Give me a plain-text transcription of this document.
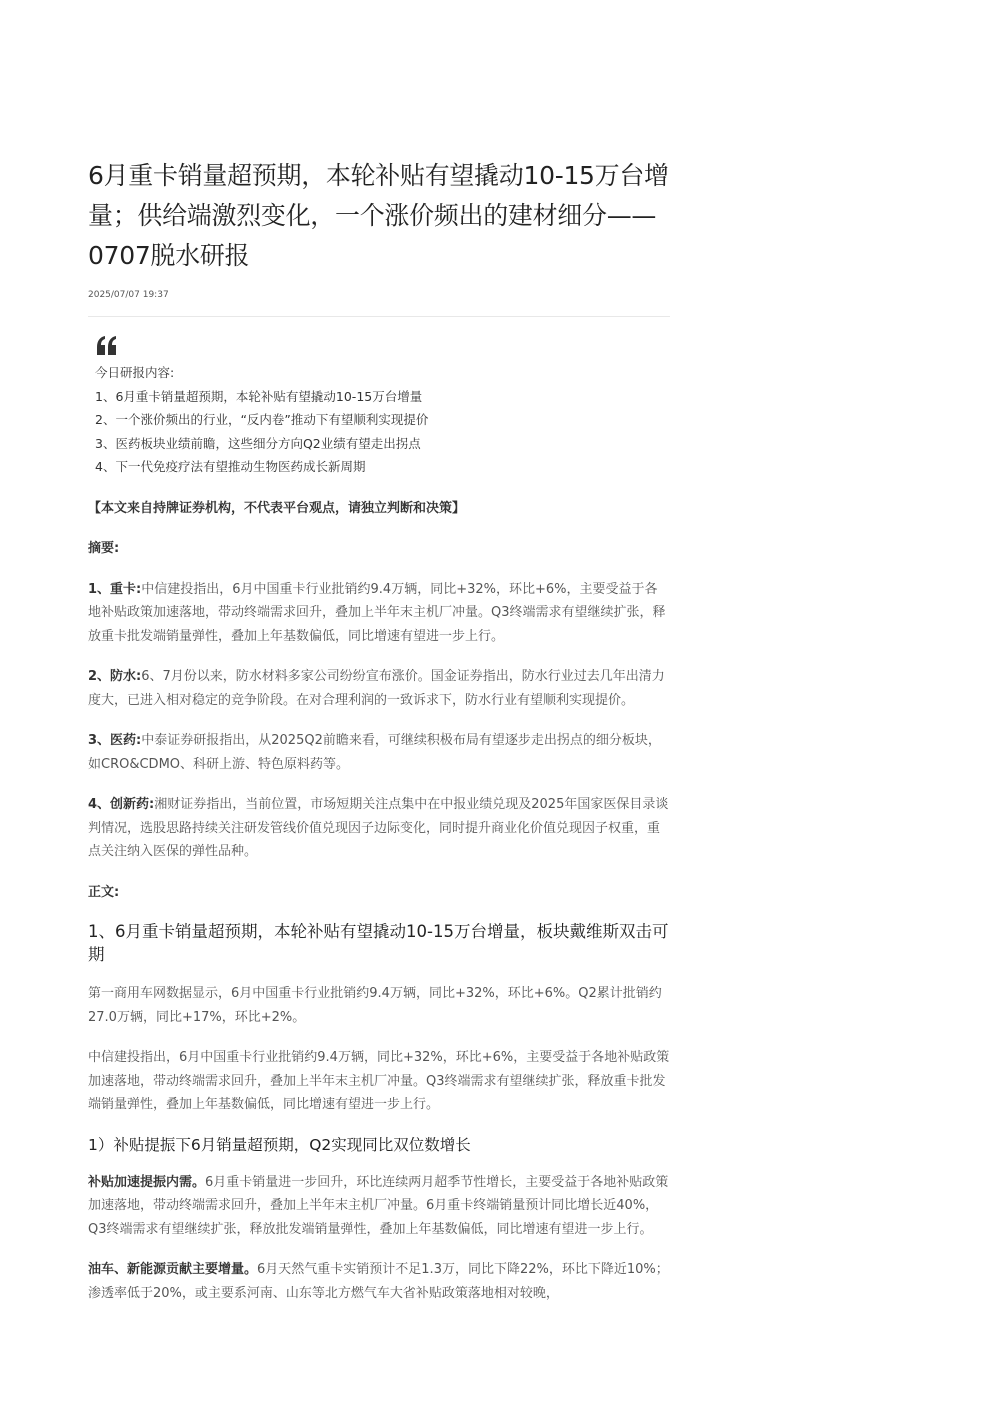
6月重卡销量超预期，本轮补贴有望撬动10-15万台增量；供给端激烈变化，一个涨价频出的建材细分——0707脱水研报
2025/07/07 19:37
今日研报内容:
1、6月重卡销量超预期，本轮补贴有望撬动10-15万台增量
2、一个涨价频出的行业，“反内卷”推动下有望顺利实现提价
3、医药板块业绩前瞻，这些细分方向Q2业绩有望走出拐点
4、下一代免疫疗法有望推动生物医药成长新周期

【本文来自持牌证券机构，不代表平台观点，请独立判断和决策】

摘要:

1、重卡:中信建投指出，6月中国重卡行业批销约9.4万辆，同比+32%，环比+6%，主要受益于各地补贴政策加速落地，带动终端需求回升，叠加上半年末主机厂冲量。Q3终端需求有望继续扩张，释放重卡批发端销量弹性，叠加上年基数偏低，同比增速有望进一步上行。

2、防水:6、7月份以来，防水材料多家公司纷纷宣布涨价。国金证券指出，防水行业过去几年出清力度大，已进入相对稳定的竞争阶段。在对合理利润的一致诉求下，防水行业有望顺利实现提价。

3、医药:中泰证券研报指出，从2025Q2前瞻来看，可继续积极布局有望逐步走出拐点的细分板块，如CRO&CDMO、科研上游、特色原料药等。

4、创新药:湘财证券指出，当前位置，市场短期关注点集中在中报业绩兑现及2025年国家医保目录谈判情况，选股思路持续关注研发管线价值兑现因子边际变化，同时提升商业化价值兑现因子权重，重点关注纳入医保的弹性品种。

正文:

1、6月重卡销量超预期，本轮补贴有望撬动10-15万台增量，板块戴维斯双击可期

第一商用车网数据显示，6月中国重卡行业批销约9.4万辆，同比+32%，环比+6%。Q2累计批销约27.0万辆，同比+17%，环比+2%。

中信建投指出，6月中国重卡行业批销约9.4万辆，同比+32%，环比+6%，主要受益于各地补贴政策加速落地，带动终端需求回升，叠加上半年末主机厂冲量。Q3终端需求有望继续扩张，释放重卡批发端销量弹性，叠加上年基数偏低，同比增速有望进一步上行。

1）补贴提振下6月销量超预期，Q2实现同比双位数增长

补贴加速提振内需。6月重卡销量进一步回升，环比连续两月超季节性增长，主要受益于各地补贴政策加速落地，带动终端需求回升，叠加上半年末主机厂冲量。6月重卡终端销量预计同比增长近40%，Q3终端需求有望继续扩张，释放批发端销量弹性，叠加上年基数偏低，同比增速有望进一步上行。

油车、新能源贡献主要增量。6月天然气重卡实销预计不足1.3万，同比下降22%，环比下降近10%；渗透率低于20%，或主要系河南、山东等北方燃气车大省补贴政策落地相对较晚，
